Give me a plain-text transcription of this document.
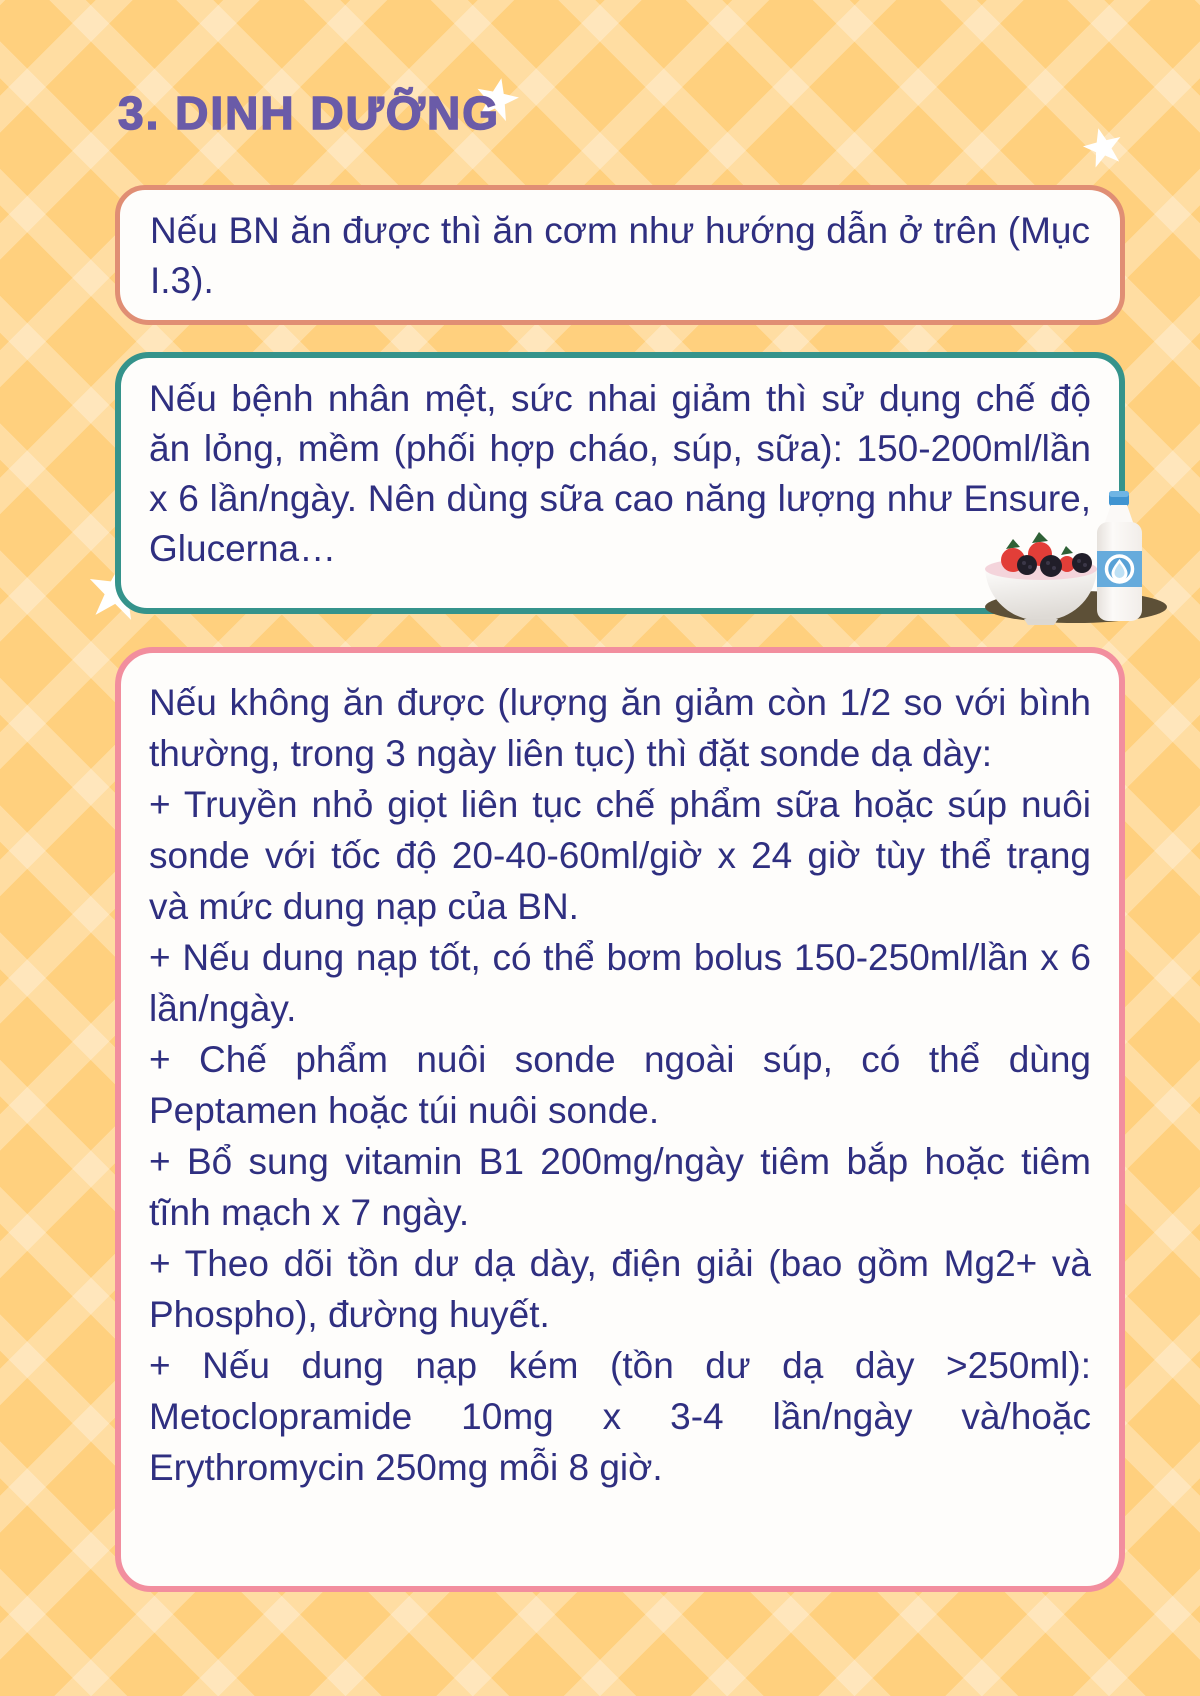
3. DINH DƯỠNG

Nếu BN ăn được thì ăn cơm như hướng dẫn ở trên (Mục I.3).

Nếu bệnh nhân mệt, sức nhai giảm thì sử dụng chế độ ăn lỏng, mềm (phối hợp cháo, súp, sữa): 150-200ml/lần x 6 lần/ngày. Nên dùng sữa cao năng lượng như Ensure, Glucerna…

Nếu không ăn được (lượng ăn giảm còn 1/2 so với bình thường, trong 3 ngày liên tục) thì đặt sonde dạ dày:

+ Truyền nhỏ giọt liên tục chế phẩm sữa hoặc súp nuôi sonde với tốc độ 20-40-60ml/giờ x 24 giờ tùy thể trạng và mức dung nạp của BN.

+ Nếu dung nạp tốt, có thể bơm bolus 150-250ml/lần x 6 lần/ngày.

+ Chế phẩm nuôi sonde ngoài súp, có thể dùng Peptamen hoặc túi nuôi sonde.

+ Bổ sung vitamin B1 200mg/ngày tiêm bắp hoặc tiêm tĩnh mạch x 7 ngày.

+ Theo dõi tồn dư dạ dày, điện giải (bao gồm Mg2+ và Phospho), đường huyết.

+ Nếu dung nạp kém (tồn dư dạ dày >250ml): Metoclopramide 10mg x 3-4 lần/ngày và/hoặc Erythromycin 250mg mỗi 8 giờ.
